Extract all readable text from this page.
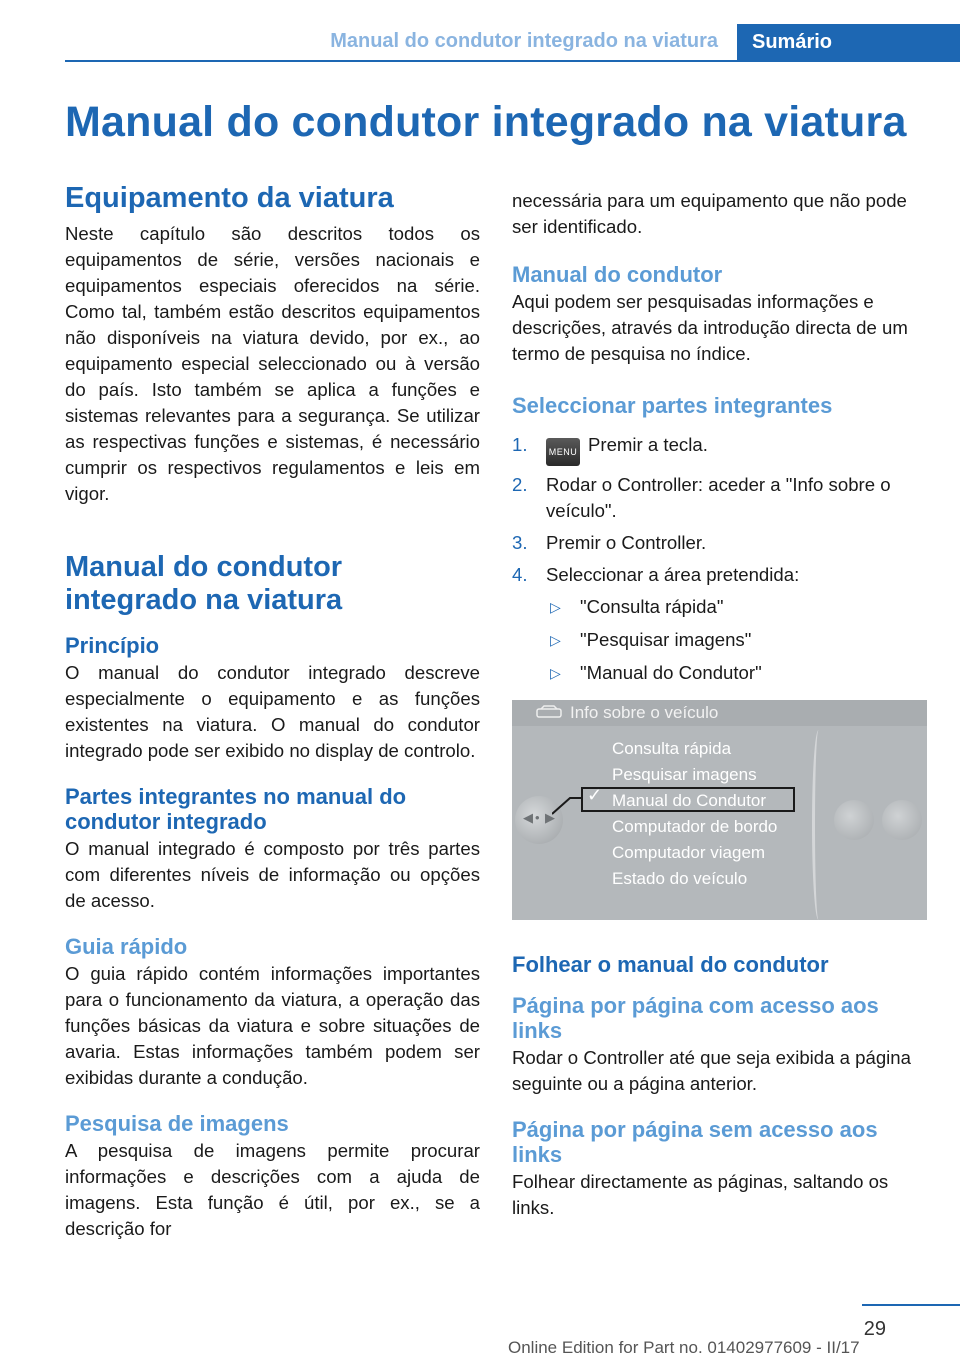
Manual do condutor integrado na viatura	Sumário
Manual do condutor integrado na viatura
Equipamento da viatura

Neste capítulo são descritos todos os equipamentos de série, versões nacionais e equipamentos especiais oferecidos na série. Como tal, também estão descritos equipamentos não disponíveis na viatura devido, por ex., ao equipamento especial seleccionado ou à versão do país. Isto também se aplica a funções e sistemas relevantes para a segurança. Se utilizar as respectivas funções e sistemas, é necessário cumprir os respectivos regulamentos e leis em vigor.

Manual do condutor integrado na viatura
Princípio

O manual do condutor integrado descreve especialmente o equipamento e as funções existentes na viatura. O manual do condutor integrado pode ser exibido no display de controlo.

Partes integrantes no manual do condutor integrado

O manual integrado é composto por três partes com diferentes níveis de informação ou opções de acesso.

Guia rápido

O guia rápido contém informações importantes para o funcionamento da viatura, a operação das funções básicas da viatura e sobre situações de avaria. Estas informações também podem ser exibidas durante a condução.

Pesquisa de imagens

A pesquisa de imagens permite procurar informações e descrições com a ajuda de imagens. Esta função é útil, por ex., se a descrição for

necessária para um equipamento que não pode ser identificado.

Manual do condutor

Aqui podem ser pesquisadas informações e descrições, através da introdução directa de um termo de pesquisa no índice.

Seleccionar partes integrantes
1. MENU Premir a tecla.
2. Rodar o Controller: aceder a "Info sobre o veículo".
3. Premir o Controller.
4. Seleccionar a área pretendida:
▷ "Consulta rápida"
▷ "Pesquisar imagens"
▷ "Manual do Condutor"
Info sobre o veículo
◀ • ▶
Consulta rápida
Pesquisar imagens
Manual do Condutor
Computador de bordo
Computador viagem
Estado do veículo
✓
Folhear o manual do condutor
Página por página com acesso aos links

Rodar o Controller até que seja exibida a página seguinte ou a página anterior.

Página por página sem acesso aos links

Folhear directamente as páginas, saltando os links.

29
Online Edition for Part no. 01402977609 - II/17
